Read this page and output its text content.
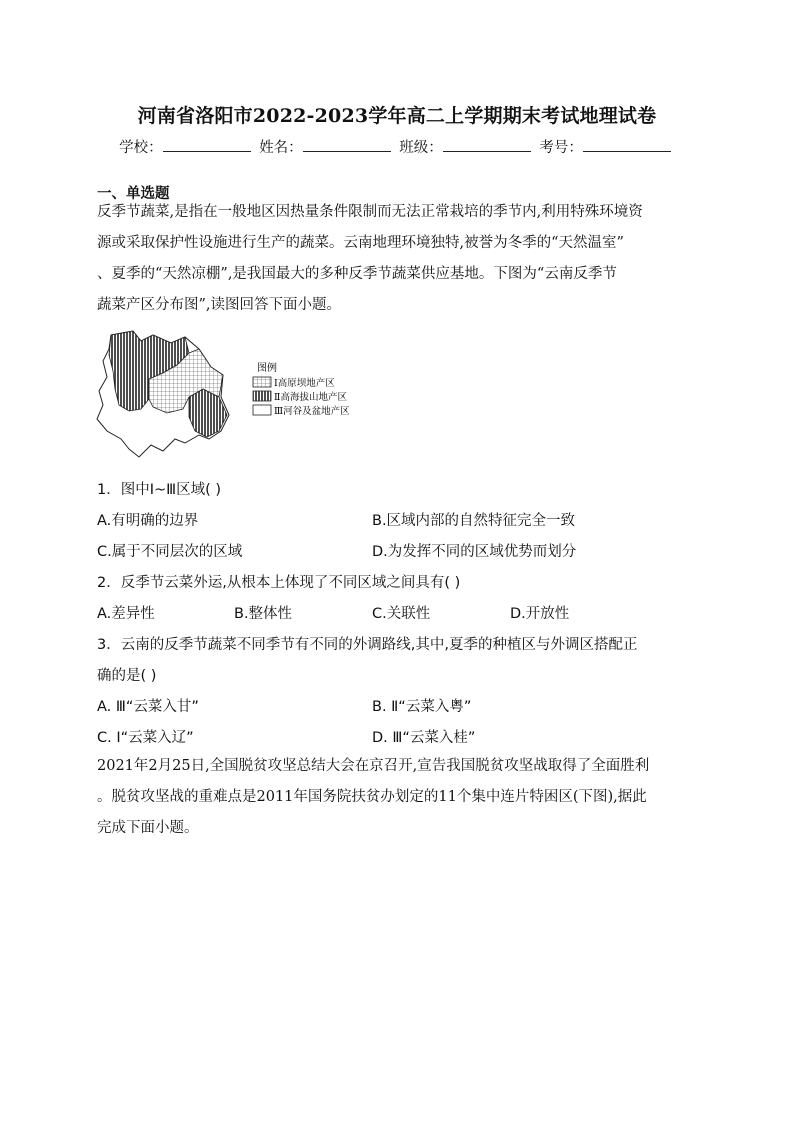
河南省洛阳市2022-2023学年高二上学期期末考试地理试卷
学校：	姓名：	班级：	考号：
一、单选题
反季节蔬菜,是指在一般地区因热量条件限制而无法正常栽培的季节内,利用特殊环境资
源或采取保护性设施进行生产的蔬菜。云南地理环境独特,被誉为冬季的“天然温室”
、夏季的“天然凉棚”,是我国最大的多种反季节蔬菜供应基地。下图为“云南反季节
蔬菜产区分布图”,读图回答下面小题。
图例
Ⅰ高原坝地产区
Ⅱ高海拔山地产区
Ⅲ河谷及盆地产区
1．图中Ⅰ~Ⅲ区域( )
A.有明确的边界	B.区域内部的自然特征完全一致
C.属于不同层次的区域	D.为发挥不同的区域优势而划分
2．反季节云菜外运,从根本上体现了不同区域之间具有( )
A.差异性	B.整体性	C.关联性	D.开放性
3．云南的反季节蔬菜不同季节有不同的外调路线,其中,夏季的种植区与外调区搭配正
确的是( )
A. Ⅲ“云菜入甘”	B. Ⅱ“云菜入粤”
C. Ⅰ“云菜入辽”	D. Ⅲ“云菜入桂”
2021年2月25日,全国脱贫攻坚总结大会在京召开,宣告我国脱贫攻坚战取得了全面胜利
。脱贫攻坚战的重难点是2011年国务院扶贫办划定的11个集中连片特困区(下图),据此
完成下面小题。
